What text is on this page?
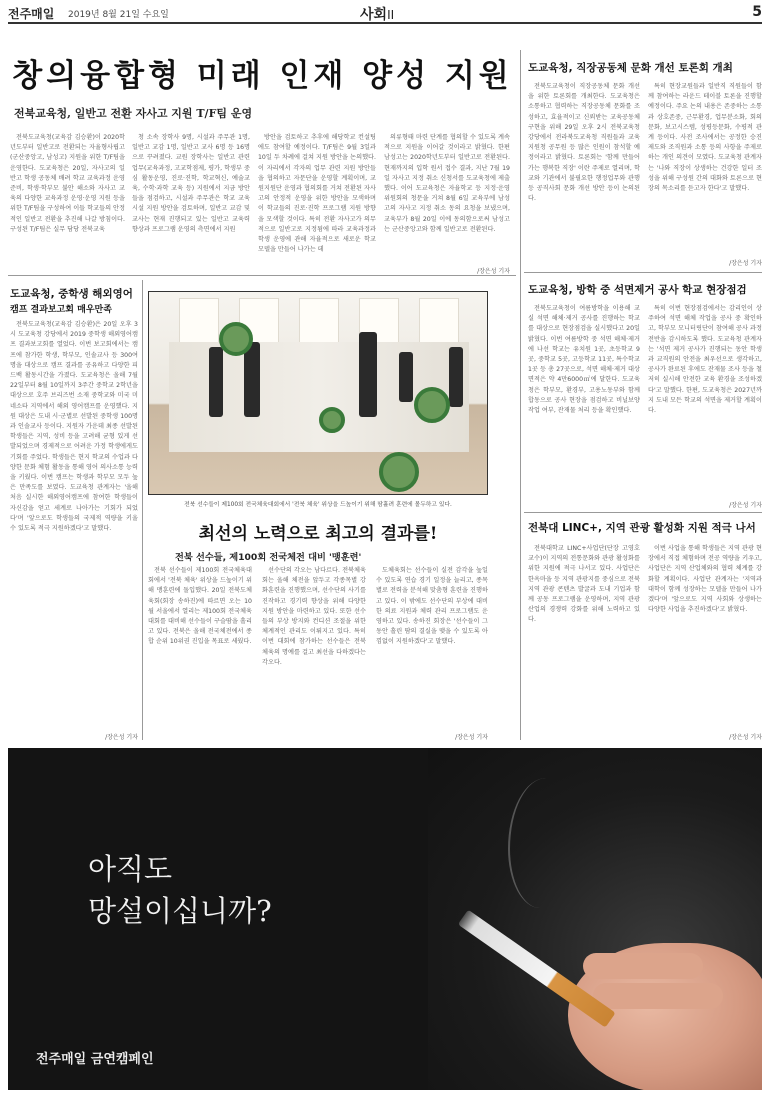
전주매일 2019년 8월 21일 수요일	사회II	5
창의융합형 미래 인재 양성 지원
전북교육청, 일반고 전환 자사고 지원 T/F팀 운영

전북도교육청(교육감 김승환)이 2020학년도부터 일반고로 전환되는 자율형사립고(군산중앙고, 남성고) 지원을 위한 T/F팀을 운영한다. 도교육청은 20일, 자사고의 일반고 학생 공동체 배려 학교 교육과정 운영 준비, 학생·학부모 불안 해소와 자사고 교육의 다양한 교육과정 운영·운영 지원 등을 위한 T/F팀을 구성하여 이들 학교들의 안정적인 일반고 전환을 추진해 나갈 방침이다. 구성된 T/F팀은 실무 담당 전북교육

청 소속 장학사 9명, 시설과 주무관 1명, 일반고 교감 1명, 일반고 교사 6명 등 16명으로 꾸려졌다. 교원 장학사는 일반고 관련 업무(교육과정, 고교학점제, 평가, 학생부 중심 활동운영, 진로·진학, 학교혁신, 예술교육, 수학·과학 교육 등) 지원에서 지금 방안들을 점검하고, 시설과 주무관은 학교 교육시설 지원 방안을 검토하며, 일반고 교감 및 교사는 현재 진행되고 있는 일반고 교육력 향상과 프로그램 운영의 측면에서 지원

방안을 검토하고 추후에 해당학교 컨설팅에도 참여할 예정이다. T/F팀은 9월 3일과 10일 두 차례에 걸쳐 지원 방안을 논의했다. 이 자리에서 각자의 업무 관련 지원 방안들을 협의하고 자문단을 운영할 계획이며, 교원지원단 운영과 협의회를 거쳐 전환된 자사고의 안정적 운영을 위한 방안을 모색하며 이 학교들의 진로·진학 프로그램 지원 방향을 모색할 것이다. 특히 전환 자사고가 의무적으로 일반고로 지정됨에 따라 교육과정과 학생 운영에 관해 자율적으로 새로운 학교 모델을 만들어 나가는 데

의류형태 마련 단계를 협의할 수 있도록 계속적으로 지원을 이어갈 것이라고 밝혔다. 한편 남성고는 2020학년도부터 일반고로 전환된다. 현재까지의 입학 원서 접수 결과, 지난 7월 19일 자사고 지정 취소 신청서를 도교육청에 제출했다. 이어 도교육청은 자율학교 등 지정·운영위원회의 청문을 거쳐 8월 6일 교육부에 남성고의 자사고 지정 취소 동의 요청을 보냈으며, 교육부가 8월 20일 이에 동의함으로써 남성고는 군산중앙고와 함께 일반고로 전환된다.

/장은성 기자
도교육청, 직장공동체 문화 개선 토론회 개최

전북도교육청이 직장공동체 문화 개선을 위한 토론회를 개최한다. 도교육청은 소통하고 협력하는 직장공동체 문화를 조성하고, 효율적이고 신뢰받는 교육공동체 구현을 위해 29일 오후 2시 전북교육청 강당에서 전라북도교육청 직원들과 교육지원청 공무원 등 많은 인원이 참석할 예정이라고 밝혔다. 토론회는 '함께 만들어가는 행복한 직장' 이란 주제로 열리며, 학교와 기관에서 불필요한 행정업무와 관행 등 공직사회 문화 개선 방안 등이 논의된다.

특히 현장교원들과 일반직 직원들이 함께 참여하는 라운드 테이블 토론을 진행할 예정이다. 주요 논의 내용은 존중하는 소통과 상호존중, 근무환경, 업무분소화, 회의문화, 보고시스템, 성평등문화, 수평적 관계 등이다. 사전 조사에서는 공정한 승진 제도와 조직원과 소통 등의 사항을 주제로 하는 개인 의견이 모였다. 도교육청 관계자는 '나와 직장이 상생하는 건강한 일터 조성을 위해 구성원 간의 대화와 토론으로 현장의 목소리를 듣고자 한다'고 말했다.

/장은성 기자
도교육청, 중학생 해외영어
캠프 결과보고회 매우만족

전북도교육청(교육감 김승환)은 20일 오후 3시 도교육청 강당에서 2019 중학생 해외영어캠프 결과보고회를 열었다. 이번 보고회에서는 캠프에 참가한 학생, 학부모, 인솔교사 등 300여 명을 대상으로 캠프 결과를 공유하고 다양한 피드백 활동시간을 가졌다. 도교육청은 올해 7월 22일부터 8월 10일까지 3주간 중학교 2학년을 대상으로 호주 브리즈번 소재 중학교와 미국 미네소타 지역에서 해외 영어캠프를 운영했다. 지원 대상은 도내 시·군별로 선발된 중학생 100명과 인솔교사 등이다. 지원자 가운데 최종 선발된 학생들은 지역, 성비 등을 고려해 균형 있게 선발되었으며 경제적으로 어려운 가정 학생에게도 기회를 주었다. 학생들은 현지 학교의 수업과 다양한 문화 체험 활동을 통해 영어 의사소통 능력을 키웠다. 이번 캠프는 학생과 학부모 모두 높은 만족도를 보였다. 도교육청 관계자는 '올해 처음 실시한 해외영어캠프에 참여한 학생들이 자신감을 얻고 세계로 나아가는 기회가 되었다'며 '앞으로도 학생들의 국제적 역량을 키울 수 있도록 적극 지원하겠다'고 말했다.

/장은성 기자
전북 선수들이 제100회 전국체육대회에서 '전북 체육' 위상을 드높이기 위해 땀흘려 훈련에 몰두하고 있다.
최선의 노력으로 최고의 결과를!
전북 선수들, 제100회 전국체전 대비 '맹훈련'

전북 선수들이 제100회 전국체육대회에서 '전북 체육' 위상을 드높이기 위해 맹훈련에 돌입했다. 20일 전북도체육회(회장 송하진)에 따르면 오는 10월 서울에서 열리는 제100회 전국체육대회를 대비해 선수들이 구슬땀을 흘리고 있다. 전북은 올해 전국체전에서 종합 순위 10위권 진입을 목표로 세웠다.

선수단의 각오는 남다르다. 전북체육회는 올해 체전을 앞두고 각종목별 강화훈련을 진행했으며, 선수단의 사기를 진작하고 경기력 향상을 위해 다양한 지원 방안을 마련하고 있다. 또한 선수들의 부상 방지와 컨디션 조절을 위한 체계적인 관리도 이뤄지고 있다. 특히 이번 대회에 참가하는 선수들은 전북 체육의 명예를 걸고 최선을 다하겠다는 각오다.

도체육회는 선수들이 실전 감각을 높일 수 있도록 연습 경기 일정을 늘리고, 종목별로 전력을 분석해 맞춤형 훈련을 진행하고 있다. 이 밖에도 선수단의 부상에 대비한 의료 지원과 체력 관리 프로그램도 운영하고 있다. 송하진 회장은 '선수들이 그동안 흘린 땀의 결실을 맺을 수 있도록 아낌없이 지원하겠다'고 말했다.

/장은성 기자
도교육청, 방학 중 석면제거 공사 학교 현장점검

전북도교육청이 여름방학을 이용해 교실 석면 해체·제거 공사를 진행하는 학교를 대상으로 현장점검을 실시했다고 20일 밝혔다. 이번 여름방학 중 석면 해체·제거에 나선 학교는 유치원 1곳, 초등학교 9곳, 중학교 5곳, 고등학교 11곳, 특수학교 1곳 등 총 27곳으로, 석면 해체·제거 대상 면적은 약 4만6000㎡에 달한다. 도교육청은 학부모, 환경부, 고용노동부와 함께 합동으로 공사 현장을 점검하고 비닐보양 작업 여부, 잔재물 처리 등을 확인했다.

특히 이번 현장점검에서는 감리인이 상주하여 석면 해체 작업을 공사 중 확인하고, 학부모 모니터링단이 참여해 공사 과정 전반을 감시하도록 했다. 도교육청 관계자는 '석면 제거 공사가 진행되는 동안 학생과 교직원의 안전을 최우선으로 생각하고, 공사가 완료된 후에도 잔재물 조사 등을 철저히 실시해 안전한 교육 환경을 조성하겠다'고 말했다. 한편, 도교육청은 2027년까지 도내 모든 학교의 석면을 제거할 계획이다.

/장은성 기자
전북대 LINC+, 지역 관광 활성화 지원 적극 나서

전북대학교 LINC+사업단(단장 고영호 교수)이 지역의 전통문화와 관광 활성화를 위한 지원에 적극 나서고 있다. 사업단은 한옥마을 등 지역 관광지를 중심으로 전북 지역 관광 콘텐츠 발굴과 도내 기업과 함께 공동 프로그램을 운영하며, 지역 관광 산업의 경쟁력 강화를 위해 노력하고 있다.

이번 사업을 통해 학생들은 지역 관광 현장에서 직접 체험하며 전공 역량을 키우고, 사업단은 지역 산업체와의 협력 체계를 강화할 계획이다. 사업단 관계자는 '지역과 대학이 함께 성장하는 모델을 만들어 나가겠다'며 '앞으로도 지역 사회와 상생하는 다양한 사업을 추진하겠다'고 밝혔다.

/장은성 기자
아직도
망설이십니까?
전주매일 금연캠페인
